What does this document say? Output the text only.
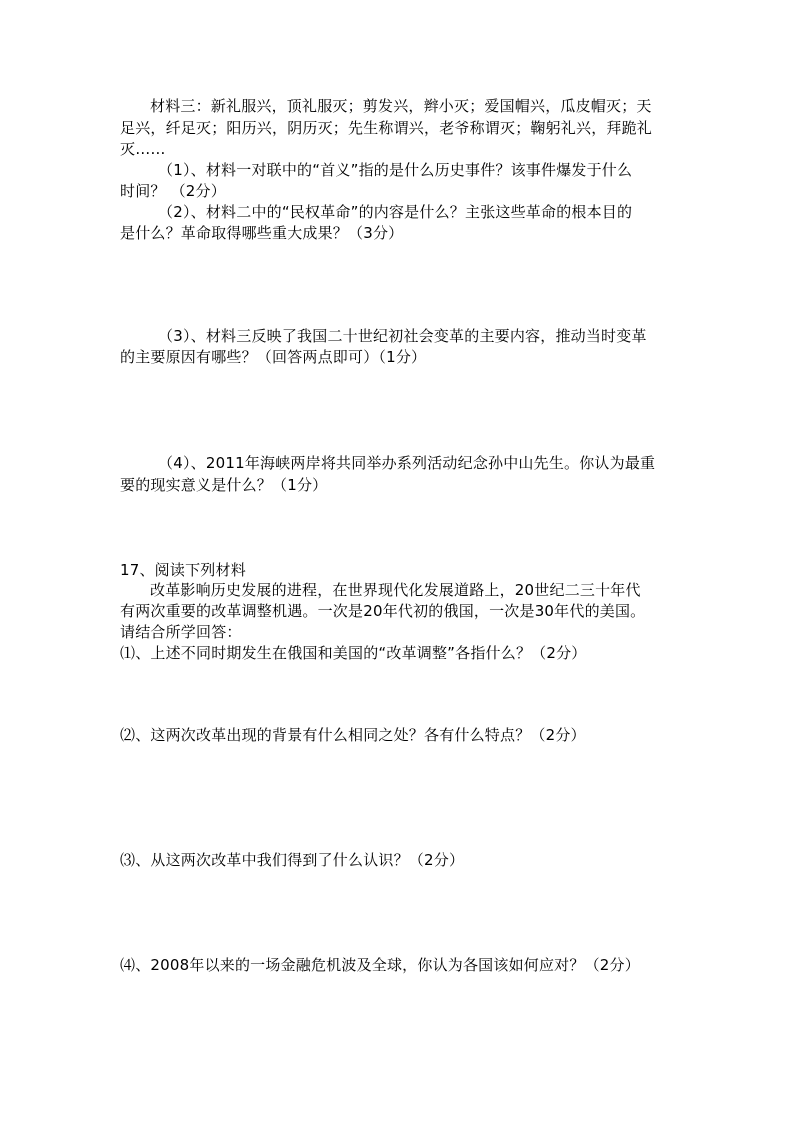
材料三：新礼服兴，顶礼服灭；剪发兴，辫小灭；爱国帽兴，瓜皮帽灭；天
足兴，纤足灭；阳历兴，阴历灭；先生称谓兴，老爷称谓灭；鞠躬礼兴，拜跪礼
灭……
（1）、材料一对联中的“首义”指的是什么历史事件？该事件爆发于什么
时间？ （2分）
（2）、材料二中的“民权革命”的内容是什么？主张这些革命的根本目的
是什么？革命取得哪些重大成果？（3分）
（3）、材料三反映了我国二十世纪初社会变革的主要内容，推动当时变革
的主要原因有哪些？（回答两点即可）（1分）
（4）、2011年海峡两岸将共同举办系列活动纪念孙中山先生。你认为最重
要的现实意义是什么？（1分）
17、阅读下列材料
改革影响历史发展的进程，在世界现代化发展道路上，20世纪二三十年代
有两次重要的改革调整机遇。一次是20年代初的俄国，一次是30年代的美国。
请结合所学回答：
⑴、上述不同时期发生在俄国和美国的“改革调整”各指什么？（2分）
⑵、这两次改革出现的背景有什么相同之处？各有什么特点？（2分）
⑶、从这两次改革中我们得到了什么认识？（2分）
⑷、2008年以来的一场金融危机波及全球，你认为各国该如何应对？（2分）
